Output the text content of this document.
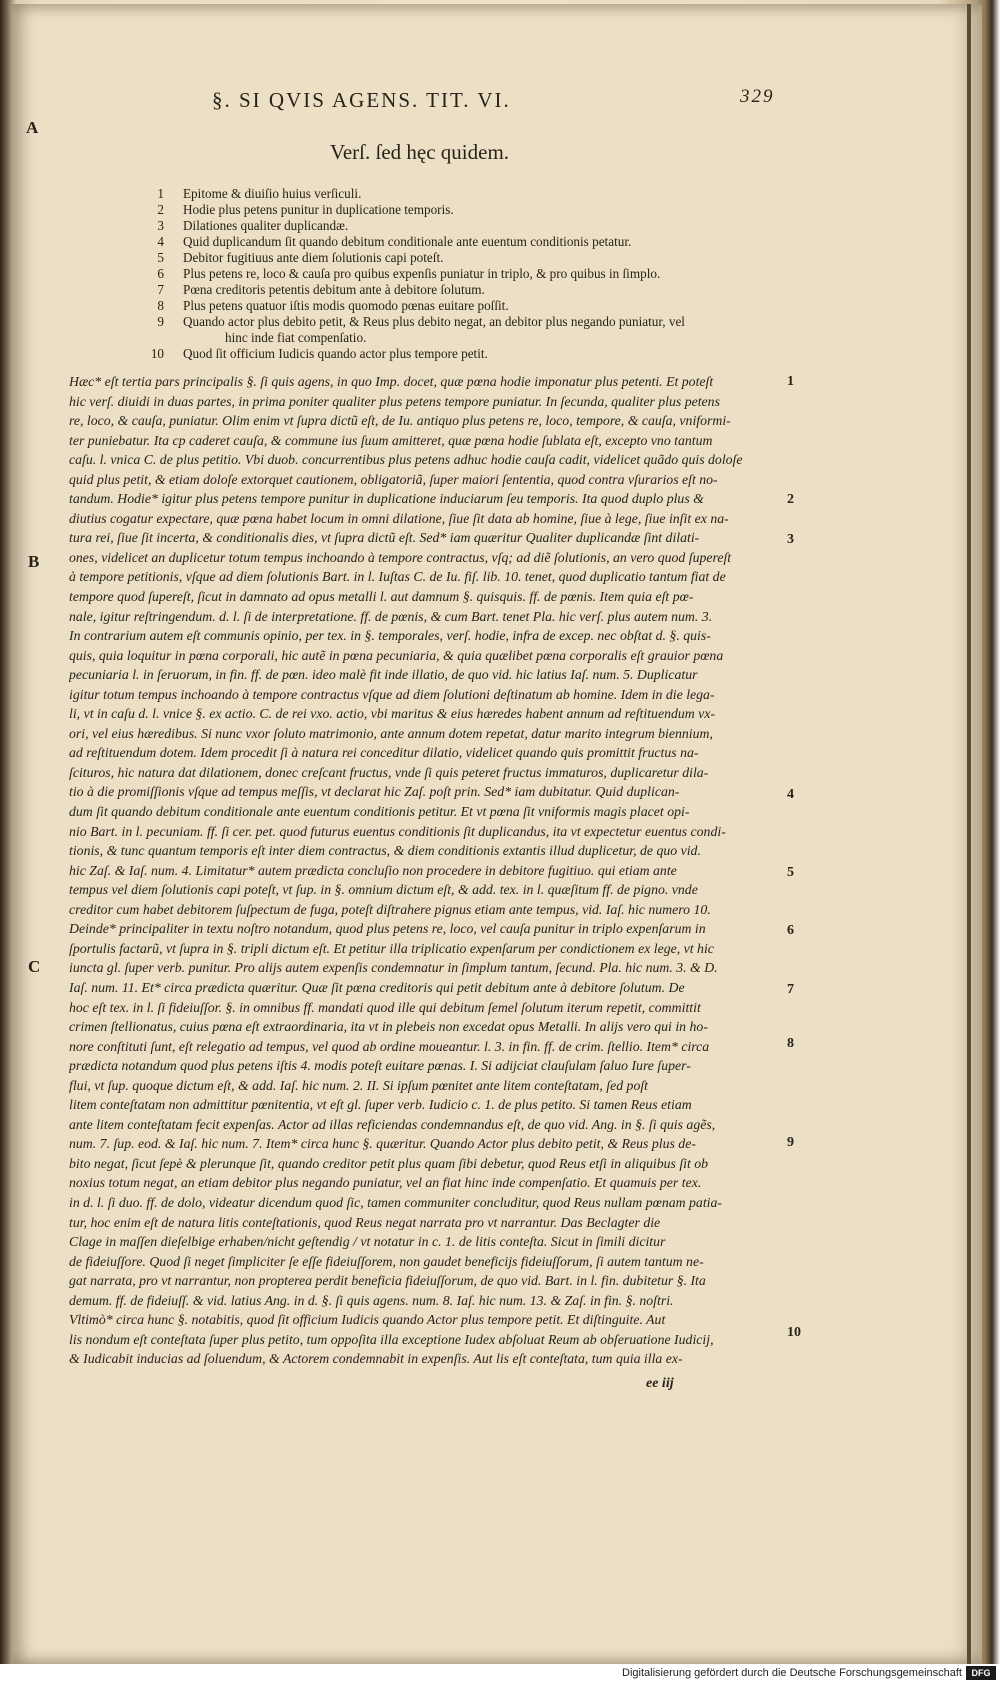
§. SI QVIS AGENS. TIT. VI.	329
A
B
C
Verſ. ſed hęc quidem.
1 Epitome & diuiſio huius verſiculi.
2 Hodie plus petens punitur in duplicatione temporis.
3 Dilationes qualiter duplicandæ.
4 Quid duplicandum ſit quando debitum conditionale ante euentum conditionis petatur.
5 Debitor fugitiuus ante diem ſolutionis capi poteſt.
6 Plus petens re, loco & cauſa pro quibus expenſis puniatur in triplo, & pro quibus in ſimplo.
7 Pœna creditoris petentis debitum ante à debitore ſolutum.
8 Plus petens quatuor iſtis modis quomodo pœnas euitare poſſit.
9 Quando actor plus debito petit, & Reus plus debito negat, an debitor plus negando puniatur, vel
hinc inde fiat compenſatio.
10 Quod ſit officium Iudicis quando actor plus tempore petit.
Hæc* eſt tertia pars principalis §. ſi quis agens, in quo Imp. docet, quæ pœna hodie imponatur plus petenti. Et poteſt
hic verſ. diuidi in duas partes, in prima poniter qualiter plus petens tempore puniatur. In ſecunda, qualiter plus petens
re, loco, & cauſa, puniatur. Olim enim vt ſupra dictũ eſt, de Iu. antiquo plus petens re, loco, tempore, & cauſa, vniformi-
ter puniebatur. Ita cp caderet cauſa, & commune ius ſuum amitteret, quæ pœna hodie ſublata eſt, excepto vno tantum
caſu. l. vnica C. de plus petitio. Vbi duob. concurrentibus plus petens adhuc hodie cauſa cadit, videlicet quãdo quis doloſe
quid plus petit, & etiam doloſe extorquet cautionem, obligatoriã, ſuper maiori ſententia, quod contra vſurarios eſt no-
tandum. Hodie* igitur plus petens tempore punitur in duplicatione induciarum ſeu temporis. Ita quod duplo plus &
diutius cogatur expectare, quæ pœna habet locum in omni dilatione, ſiue ſit data ab homine, ſiue à lege, ſiue inſit ex na-
tura rei, ſiue ſit incerta, & conditionalis dies, vt ſupra dictũ eſt. Sed* iam quæritur Qualiter duplicandæ ſint dilati-
ones, videlicet an duplicetur totum tempus inchoando à tempore contractus, vſq; ad diẽ ſolutionis, an vero quod ſupereſt
à tempore petitionis, vſque ad diem ſolutionis Bart. in l. Iuſtas C. de Iu. fiſ. lib. 10. tenet, quod duplicatio tantum fiat de
tempore quod ſupereſt, ſicut in damnato ad opus metalli l. aut damnum §. quisquis. ff. de pœnis. Item quia eſt pœ-
nale, igitur reſtringendum. d. l. ſi de interpretatione. ff. de pœnis, & cum Bart. tenet Pla. hic verſ. plus autem num. 3.
In contrarium autem eſt communis opinio, per tex. in §. temporales, verſ. hodie, infra de excep. nec obſtat d. §. quis-
quis, quia loquitur in pœna corporali, hic autẽ in pœna pecuniaria, & quia quælibet pœna corporalis eſt grauior pœna
pecuniaria l. in ſeruorum, in fin. ff. de pœn. ideo malè fit inde illatio, de quo vid. hic latius Iaſ. num. 5. Duplicatur
igitur totum tempus inchoando à tempore contractus vſque ad diem ſolutioni deſtinatum ab homine. Idem in die lega-
li, vt in caſu d. l. vnice §. ex actio. C. de rei vxo. actio, vbi maritus & eius hæredes habent annum ad reſtituendum vx-
ori, vel eius hæredibus. Si nunc vxor ſoluto matrimonio, ante annum dotem repetat, datur marito integrum biennium,
ad reſtituendum dotem. Idem procedit ſi à natura rei conceditur dilatio, videlicet quando quis promittit fructus na-
ſcituros, hic natura dat dilationem, donec creſcant fructus, vnde ſi quis peteret fructus immaturos, duplicaretur dila-
tio à die promiſſionis vſque ad tempus meſſis, vt declarat hic Zaſ. poſt prin. Sed* iam dubitatur. Quid duplican-
dum ſit quando debitum conditionale ante euentum conditionis petitur. Et vt pœna ſit vniformis magis placet opi-
nio Bart. in l. pecuniam. ff. ſi cer. pet. quod futurus euentus conditionis ſit duplicandus, ita vt expectetur euentus condi-
tionis, & tunc quantum temporis eſt inter diem contractus, & diem conditionis extantis illud duplicetur, de quo vid.
hic Zaſ. & Iaſ. num. 4. Limitatur* autem prædicta concluſio non procedere in debitore fugitiuo. qui etiam ante
tempus vel diem ſolutionis capi poteſt, vt ſup. in §. omnium dictum eſt, & add. tex. in l. quæſitum ff. de pigno. vnde
creditor cum habet debitorem ſuſpectum de fuga, poteſt diſtrahere pignus etiam ante tempus, vid. Iaſ. hic numero 10.
Deinde* principaliter in textu noſtro notandum, quod plus petens re, loco, vel cauſa punitur in triplo expenſarum in
ſportulis factarũ, vt ſupra in §. tripli dictum eſt. Et petitur illa triplicatio expenſarum per condictionem ex lege, vt hic
iuncta gl. ſuper verb. punitur. Pro alijs autem expenſis condemnatur in ſimplum tantum, ſecund. Pla. hic num. 3. & D.
Iaſ. num. 11. Et* circa prædicta quæritur. Quæ ſit pœna creditoris qui petit debitum ante à debitore ſolutum. De
hoc eſt tex. in l. ſi fideiuſſor. §. in omnibus ff. mandati quod ille qui debitum ſemel ſolutum iterum repetit, committit
crimen ſtellionatus, cuius pœna eſt extraordinaria, ita vt in plebeis non excedat opus Metalli. In alijs vero qui in ho-
nore conſtituti ſunt, eſt relegatio ad tempus, vel quod ab ordine moueantur. l. 3. in fin. ff. de crim. ſtellio. Item* circa
prædicta notandum quod plus petens iſtis 4. modis poteſt euitare pœnas. I. Si adijciat clauſulam ſaluo Iure ſuper-
flui, vt ſup. quoque dictum eſt, & add. Iaſ. hic num. 2. II. Si ipſum pœnitet ante litem conteſtatam, ſed poſt
litem conteſtatam non admittitur pœnitentia, vt eſt gl. ſuper verb. Iudicio c. 1. de plus petito. Si tamen Reus etiam
ante litem conteſtatam fecit expenſas. Actor ad illas reficiendas condemnandus eſt, de quo vid. Ang. in §. ſi quis agẽs,
num. 7. ſup. eod. & Iaſ. hic num. 7. Item* circa hunc §. quæritur. Quando Actor plus debito petit, & Reus plus de-
bito negat, ſicut ſepè & plerunque ſit, quando creditor petit plus quam ſibi debetur, quod Reus etſi in aliquibus ſit ob
noxius totum negat, an etiam debitor plus negando puniatur, vel an fiat hinc inde compenſatio. Et quamuis per tex.
in d. l. ſi duo. ff. de dolo, videatur dicendum quod ſic, tamen communiter concluditur, quod Reus nullam pœnam patia-
tur, hoc enim eſt de natura litis conteſtationis, quod Reus negat narrata pro vt narrantur. Das Beclagter die
Clage in maſſen dieſelbige erhaben/nicht geſtendig / vt notatur in c. 1. de litis conteſta. Sicut in ſimili dicitur
de fideiuſſore. Quod ſi neget ſimpliciter ſe eſſe fideiuſſorem, non gaudet beneficijs fideiuſſorum, ſi autem tantum ne-
gat narrata, pro vt narrantur, non propterea perdit beneficia fideiuſſorum, de quo vid. Bart. in l. fin. dubitetur §. Ita
demum. ff. de fideiuſſ. & vid. latius Ang. in d. §. ſi quis agens. num. 8. Iaſ. hic num. 13. & Zaſ. in fin. §. noſtri.
Vltimò* circa hunc §. notabitis, quod ſit officium Iudicis quando Actor plus tempore petit. Et diſtinguite. Aut
lis nondum eſt conteſtata ſuper plus petito, tum oppoſita illa exceptione Iudex abſoluat Reum ab obſeruatione Iudicij,
& Iudicabit inducias ad ſoluendum, & Actorem condemnabit in expenſis. Aut lis eſt conteſtata, tum quia illa ex-
1
2
3
4
5
6
7
8
9
10
ee iij
Digitalisierung gefördert durch die Deutsche Forschungsgemeinschaft	DFG
